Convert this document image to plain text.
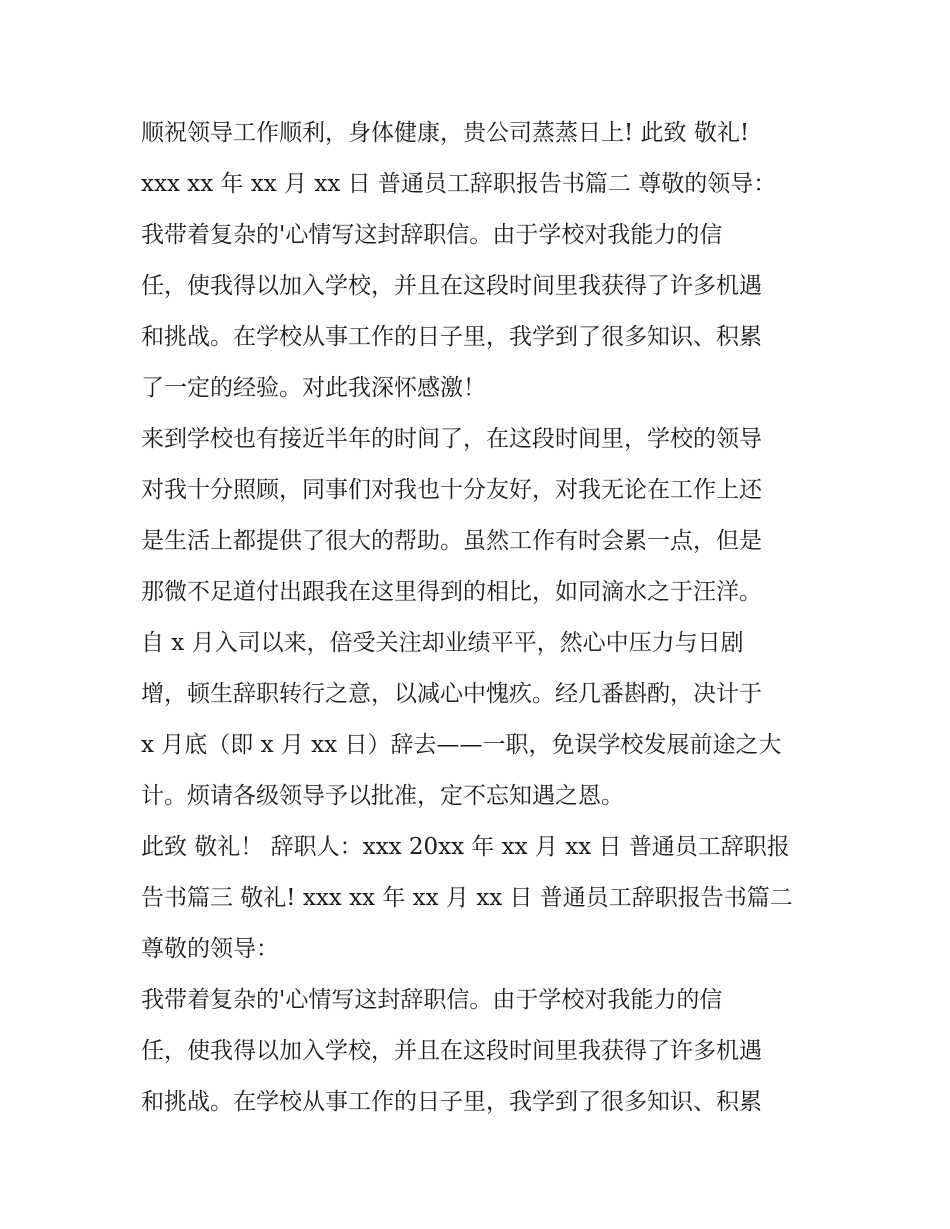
顺祝领导工作顺利，身体健康，贵公司蒸蒸日上! 此致 敬礼!
xxx xx 年 xx 月 xx 日 普通员工辞职报告书篇二 尊敬的领导：
我带着复杂的'心情写这封辞职信。由于学校对我能力的信
任，使我得以加入学校，并且在这段时间里我获得了许多机遇
和挑战。在学校从事工作的日子里，我学到了很多知识、积累
了一定的经验。对此我深怀感激！
来到学校也有接近半年的时间了，在这段时间里，学校的领导
对我十分照顾，同事们对我也十分友好，对我无论在工作上还
是生活上都提供了很大的帮助。虽然工作有时会累一点，但是
那微不足道付出跟我在这里得到的相比，如同滴水之于汪洋。
自 x 月入司以来，倍受关注却业绩平平，然心中压力与日剧
增，顿生辞职转行之意，以减心中愧疚。经几番斟酌，决计于
x 月底（即 x 月 xx 日）辞去——一职，免误学校发展前途之大
计。烦请各级领导予以批准，定不忘知遇之恩。
此致 敬礼！ 辞职人：xxx 20xx 年 xx 月 xx 日 普通员工辞职报
告书篇三 敬礼! xxx xx 年 xx 月 xx 日 普通员工辞职报告书篇二
尊敬的领导：
我带着复杂的'心情写这封辞职信。由于学校对我能力的信
任，使我得以加入学校，并且在这段时间里我获得了许多机遇
和挑战。在学校从事工作的日子里，我学到了很多知识、积累
